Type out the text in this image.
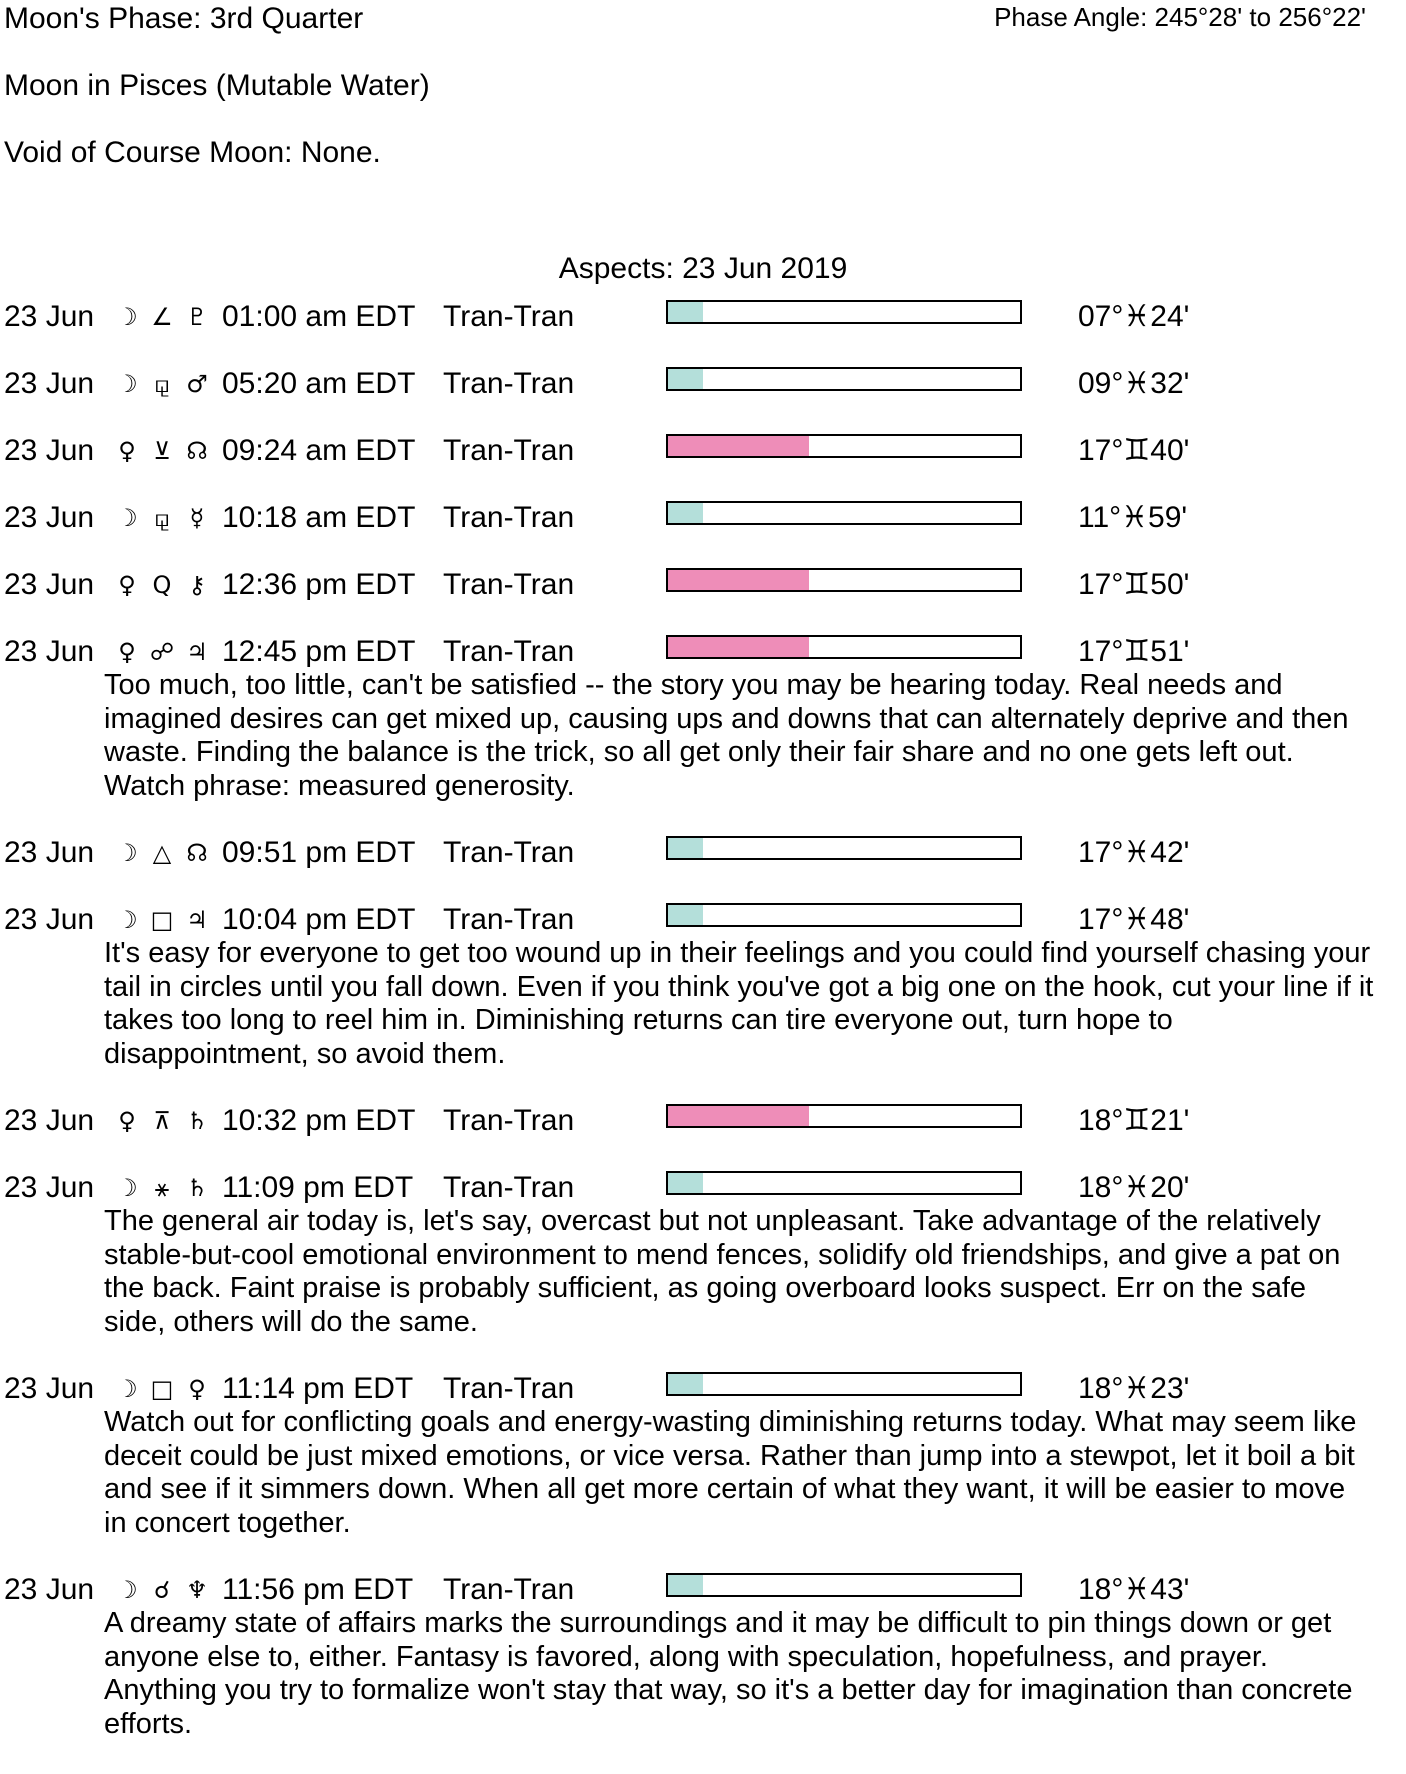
Moon's Phase: 3rd Quarter	Phase Angle: 245°28' to 256°22'
Moon in Pisces (Mutable Water)
Void of Course Moon: None.
Aspects: 23 Jun 2019
23 Jun ☽ ∠ ♇ 01:00 am EDT Tran-Tran	07°♓24'
23 Jun ☽ ⚼ ♂ 05:20 am EDT Tran-Tran	09°♓32'
23 Jun ♀ ⊻ ☊ 09:24 am EDT Tran-Tran	17°♊40'
23 Jun ☽ ⚼ ☿ 10:18 am EDT Tran-Tran	11°♓59'
23 Jun ♀ Q ⚷ 12:36 pm EDT Tran-Tran	17°♊50'
23 Jun ♀ ☍ ♃ 12:45 pm EDT Tran-Tran	17°♊51'
Too much, too little, can't be satisfied -- the story you may be hearing today. Real needs and imagined desires can get mixed up, causing ups and downs that can alternately deprive and then waste. Finding the balance is the trick, so all get only their fair share and no one gets left out. Watch phrase: measured generosity.
23 Jun ☽ △ ☊ 09:51 pm EDT Tran-Tran	17°♓42'
23 Jun ☽ □ ♃ 10:04 pm EDT Tran-Tran	17°♓48'
It's easy for everyone to get too wound up in their feelings and you could find yourself chasing your tail in circles until you fall down. Even if you think you've got a big one on the hook, cut your line if it takes too long to reel him in. Diminishing returns can tire everyone out, turn hope to disappointment, so avoid them.
23 Jun ♀ ⊼ ♄ 10:32 pm EDT Tran-Tran	18°♊21'
23 Jun ☽ ⚹ ♄ 11:09 pm EDT Tran-Tran	18°♓20'
The general air today is, let's say, overcast but not unpleasant. Take advantage of the relatively stable-but-cool emotional environment to mend fences, solidify old friendships, and give a pat on the back. Faint praise is probably sufficient, as going overboard looks suspect. Err on the safe side, others will do the same.
23 Jun ☽ □ ♀ 11:14 pm EDT Tran-Tran	18°♓23'
Watch out for conflicting goals and energy-wasting diminishing returns today. What may seem like deceit could be just mixed emotions, or vice versa. Rather than jump into a stewpot, let it boil a bit and see if it simmers down. When all get more certain of what they want, it will be easier to move in concert together.
23 Jun ☽ ☌ ♆ 11:56 pm EDT Tran-Tran	18°♓43'
A dreamy state of affairs marks the surroundings and it may be difficult to pin things down or get anyone else to, either. Fantasy is favored, along with speculation, hopefulness, and prayer. Anything you try to formalize won't stay that way, so it's a better day for imagination than concrete efforts.
